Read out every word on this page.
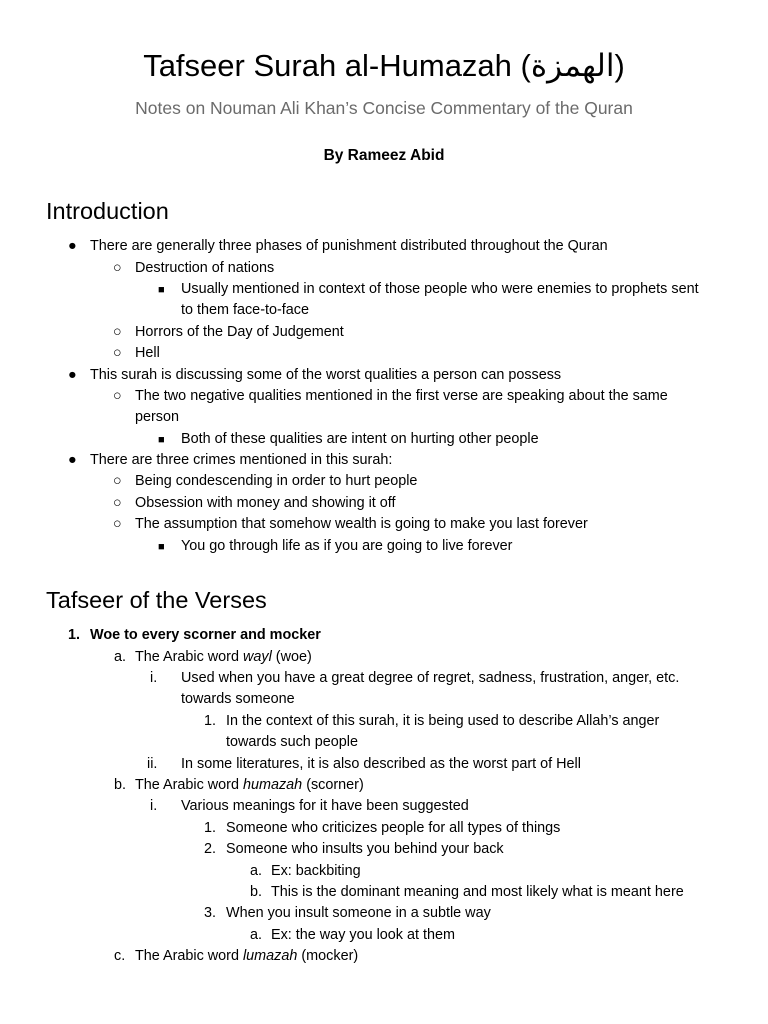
Tafseer Surah al-Humazah (الهمزة)
Notes on Nouman Ali Khan’s Concise Commentary of the Quran
By Rameez Abid
Introduction
● There are generally three phases of punishment distributed throughout the Quran
○ Destruction of nations
■ Usually mentioned in context of those people who were enemies to prophets sent
to them face-to-face
○ Horrors of the Day of Judgement
○ Hell
● This surah is discussing some of the worst qualities a person can possess
○ The two negative qualities mentioned in the first verse are speaking about the same
person
■ Both of these qualities are intent on hurting other people
● There are three crimes mentioned in this surah:
○ Being condescending in order to hurt people
○ Obsession with money and showing it off
○ The assumption that somehow wealth is going to make you last forever
■ You go through life as if you are going to live forever
Tafseer of the Verses
1. Woe to every scorner and mocker
a. The Arabic word wayl (woe)
i. Used when you have a great degree of regret, sadness, frustration, anger, etc.
towards someone
1. In the context of this surah, it is being used to describe Allah’s anger
towards such people
ii. In some literatures, it is also described as the worst part of Hell
b. The Arabic word humazah (scorner)
i. Various meanings for it have been suggested
1. Someone who criticizes people for all types of things
2. Someone who insults you behind your back
a. Ex: backbiting
b. This is the dominant meaning and most likely what is meant here
3. When you insult someone in a subtle way
a. Ex: the way you look at them
c. The Arabic word lumazah (mocker)
